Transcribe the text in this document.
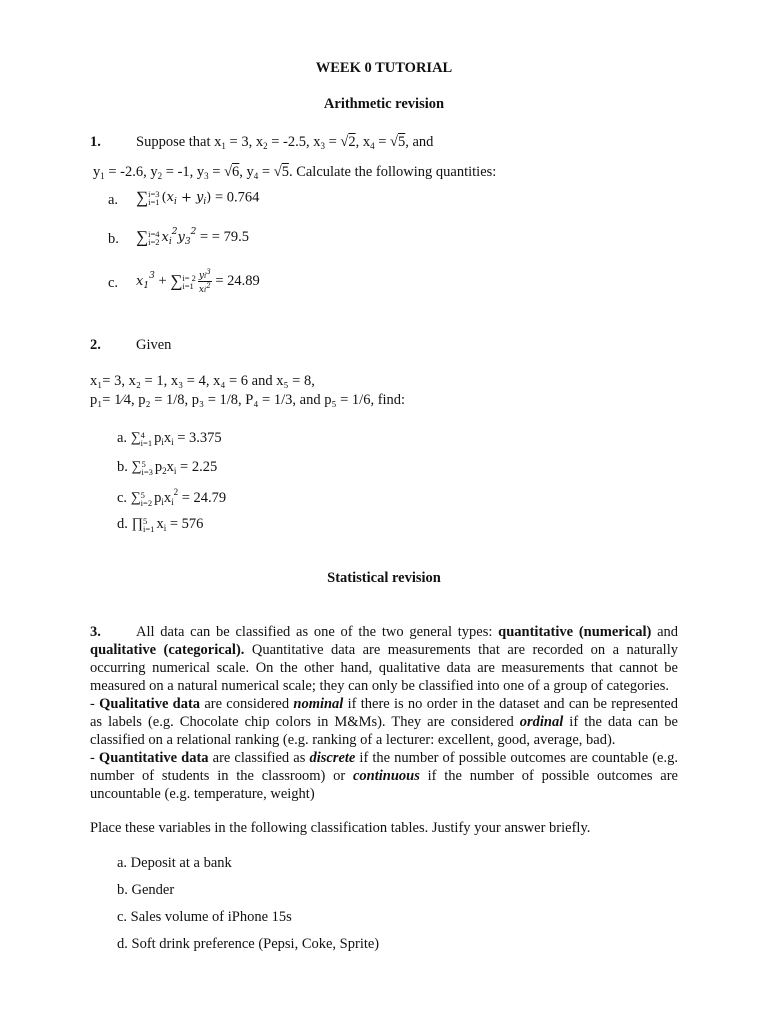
WEEK 0 TUTORIAL
Arithmetic revision
1. Suppose that $x_1 = 3$, $x_2 = -2.5$, $x_3 = √2$, $x_4 = √5$, and
$y_1 = -2.6$, $y_2 = -1$, $y_3 = √6$, $y_4 = √5$. Calculate the following quantities:
a. ∑i=3
i=1 $(x_i + y_i) = 0.764$
b. ∑i=4
i=2 $x_i^2y_3^2$ = = 79.5
c. $x_1^3 + \sum i= 2$
$i=1 \frac{yi^3}{xi^2} = 24.89$
2. Given
x₁= 3, x₂ = 1, x₃ = 4, x₄ = 6 and x₅ = 8,
p₁= 1⁄4, p₂ = 1/8, p₃ = 1/8, P₄ = 1/3, and p₅ = 1/6, find:
a. ∑4
i=1 $p_ix_i = 3.375$
b. ∑5
i=3 $p_2x_i = 2.25$
c. ∑5
i=2 $p_ix_i^2 = 24.79$
d. ∏5
i=1 $x_i = 576$
Statistical revision
3.	All data can be classified as one of the two general types: quantitative (numerical) and qualitative (categorical). Quantitative data are measurements that are recorded on a naturally occurring numerical scale. On the other hand, qualitative data are measurements that cannot be measured on a natural numerical scale; they can only be classified into one of a group of categories.
- Qualitative data are considered nominal if there is no order in the dataset and can be represented as labels (e.g. Chocolate chip colors in M&Ms). They are considered ordinal if the data can be classified on a relational ranking (e.g. ranking of a lecturer: excellent, good, average, bad).
- Quantitative data are classified as discrete if the number of possible outcomes are countable (e.g. number of students in the classroom) or continuous if the number of possible outcomes are uncountable (e.g. temperature, weight)
Place these variables in the following classification tables. Justify your answer briefly.
a. Deposit at a bank
b. Gender
c. Sales volume of iPhone 15s
d. Soft drink preference (Pepsi, Coke, Sprite)
